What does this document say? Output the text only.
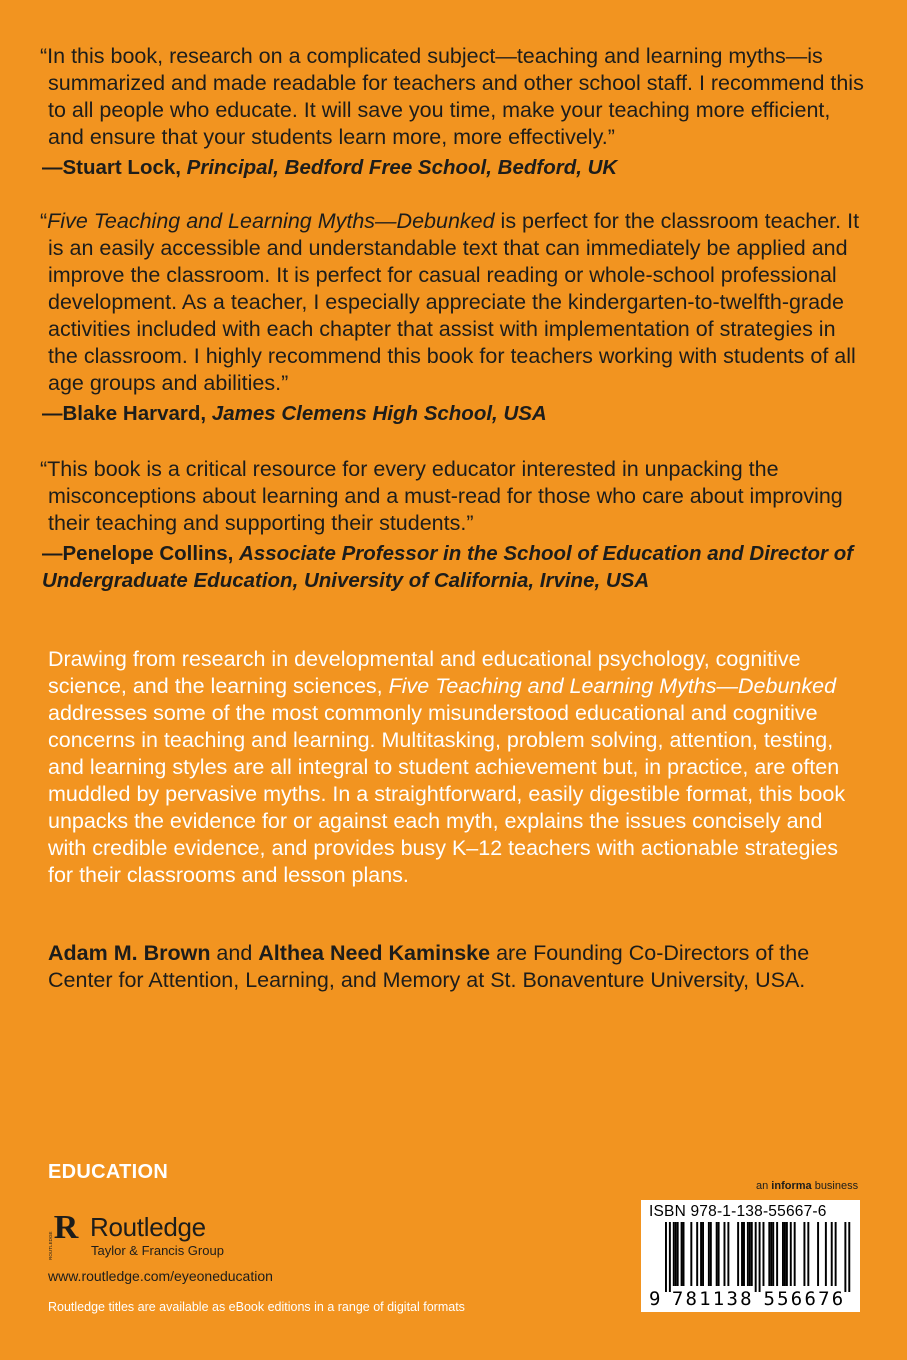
“In this book, research on a complicated subject—teaching and learning myths—is summarized and made readable for teachers and other school staff. I recommend this to all people who educate. It will save you time, make your teaching more efficient, and ensure that your students learn more, more effectively.”
—Stuart Lock, Principal, Bedford Free School, Bedford, UK
“Five Teaching and Learning Myths—Debunked is perfect for the classroom teacher. It is an easily accessible and understandable text that can immediately be applied and improve the classroom. It is perfect for casual reading or whole-school professional development. As a teacher, I especially appreciate the kindergarten-to-twelfth-grade activities included with each chapter that assist with implementation of strategies in the classroom. I highly recommend this book for teachers working with students of all age groups and abilities.”
—Blake Harvard, James Clemens High School, USA
“This book is a critical resource for every educator interested in unpacking the misconceptions about learning and a must-read for those who care about improving their teaching and supporting their students.”
—Penelope Collins, Associate Professor in the School of Education and Director of Undergraduate Education, University of California, Irvine, USA
Drawing from research in developmental and educational psychology, cognitive science, and the learning sciences, Five Teaching and Learning Myths—Debunked addresses some of the most commonly misunderstood educational and cognitive concerns in teaching and learning. Multitasking, problem solving, attention, testing, and learning styles are all integral to student achievement but, in practice, are often muddled by pervasive myths. In a straightforward, easily digestible format, this book unpacks the evidence for or against each myth, explains the issues concisely and with credible evidence, and provides busy K–12 teachers with actionable strategies for their classrooms and lesson plans.
Adam M. Brown and Althea Need Kaminske are Founding Co-Directors of the Center for Attention, Learning, and Memory at St. Bonaventure University, USA.
EDUCATION
R
ROUTLEDGE
Routledge
Taylor & Francis Group
www.routledge.com/eyeoneducation
Routledge titles are available as eBook editions in a range of digital formats
an informa business
ISBN 978-1-138-55667-6
9 7 8 1 1 3 8 5 5 6 6 7 6
